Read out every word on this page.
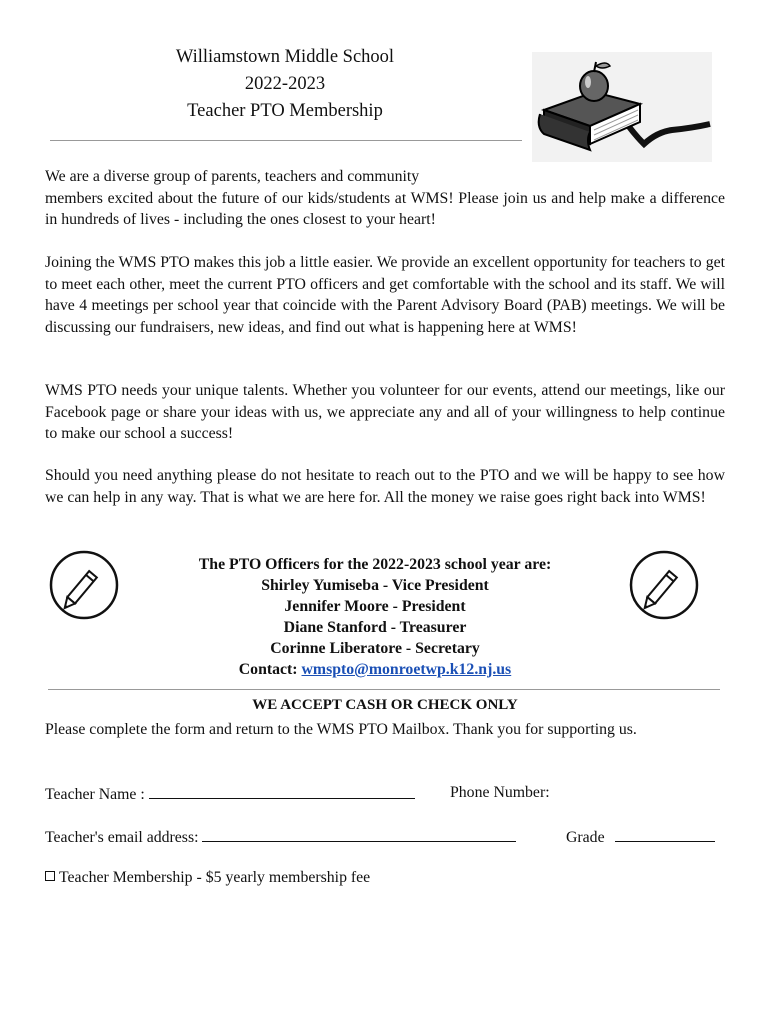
Williamstown Middle School
2022-2023
Teacher PTO Membership
We are a diverse group of parents, teachers and community
members excited about the future of our kids/students at WMS! Please join us and help make a difference in hundreds of lives - including the ones closest to your heart!
Joining the WMS PTO makes this job a little easier. We provide an excellent opportunity for teachers to get to meet each other, meet the current PTO officers and get comfortable with the school and its staff. We will have 4 meetings per school year that coincide with the Parent Advisory Board (PAB) meetings. We will be discussing our fundraisers, new ideas, and find out what is happening here at WMS!
WMS PTO needs your unique talents. Whether you volunteer for our events, attend our meetings, like our Facebook page or share your ideas with us, we appreciate any and all of your willingness to help continue to make our school a success!
Should you need anything please do not hesitate to reach out to the PTO and we will be happy to see how we can help in any way. That is what we are here for. All the money we raise goes right back into WMS!
The PTO Officers for the 2022-2023 school year are:
Shirley Yumiseba - Vice President
Jennifer Moore - President
Diane Stanford - Treasurer
Corinne Liberatore - Secretary
Contact: wmspto@monroetwp.k12.nj.us
WE ACCEPT CASH OR CHECK ONLY
Please complete the form and return to the WMS PTO Mailbox. Thank you for supporting us.
Teacher Name :	Phone Number:
Teacher's email address:	Grade
Teacher Membership - $5 yearly membership fee
